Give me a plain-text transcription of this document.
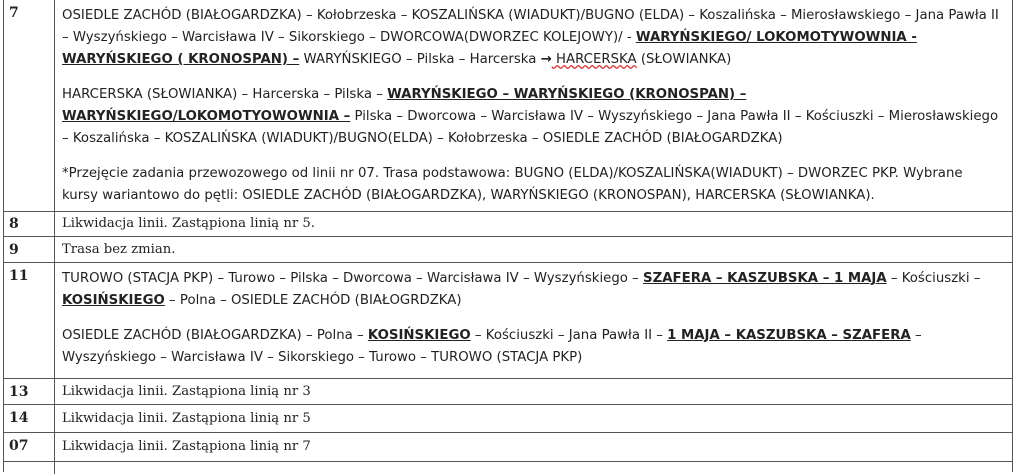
7	OSIEDLE ZACHÓD (BIAŁOGARDZKA) – Kołobrzeska – KOSZALIŃSKA (WIADUKT)/BUGNO (ELDA) – Koszalińska – Mierosławskiego – Jana Pawła II – Wyszyńskiego – Warcisława IV – Sikorskiego – DWORCOWA(DWORZEC KOLEJOWY)/ - WARYŃSKIEGO/ LOKOMOTYWOWNIA - WARYŃSKIEGO ( KRONOSPAN) – WARYŃSKIEGO – Pilska – Harcerska → HARCERSKA (SŁOWIANKA)

HARCERSKA (SŁOWIANKA) – Harcerska – Pilska – WARYŃSKIEGO – WARYŃSKIEGO (KRONOSPAN) – WARYŃSKIEGO/LOKOMOTYOWOWNIA – Pilska – Dworcowa – Warcisława IV – Wyszyńskiego – Jana Pawła II – Kościuszki – Mierosławskiego – Koszalińska – KOSZALIŃSKA (WIADUKT)/BUGNO(ELDA) – Kołobrzeska – OSIEDLE ZACHÓD (BIAŁOGARDZKA)

*Przejęcie zadania przewozowego od linii nr 07. Trasa podstawowa: BUGNO (ELDA)/KOSZALIŃSKA(WIADUKT) – DWORZEC PKP. Wybrane kursy wariantowo do pętli: OSIEDLE ZACHÓD (BIAŁOGARDZKA), WARYŃSKIEGO (KRONOSPAN), HARCERSKA (SŁOWIANKA).

8	Likwidacja linii. Zastąpiona linią nr 5.
9	Trasa bez zmian.
11	TUROWO (STACJA PKP) – Turowo – Pilska – Dworcowa – Warcisława IV – Wyszyńskiego – SZAFERA – KASZUBSKA – 1 MAJA – Kościuszki – KOSIŃSKIEGO – Polna – OSIEDLE ZACHÓD (BIAŁOGRDZKA)

OSIEDLE ZACHÓD (BIAŁOGARDZKA) – Polna – KOSIŃSKIEGO – Kościuszki – Jana Pawła II – 1 MAJA – KASZUBSKA – SZAFERA – Wyszyńskiego – Warcisława IV – Sikorskiego – Turowo – TUROWO (STACJA PKP)

13	Likwidacja linii. Zastąpiona linią nr 3
14	Likwidacja linii. Zastąpiona linią nr 5
07	Likwidacja linii. Zastąpiona linią nr 7
